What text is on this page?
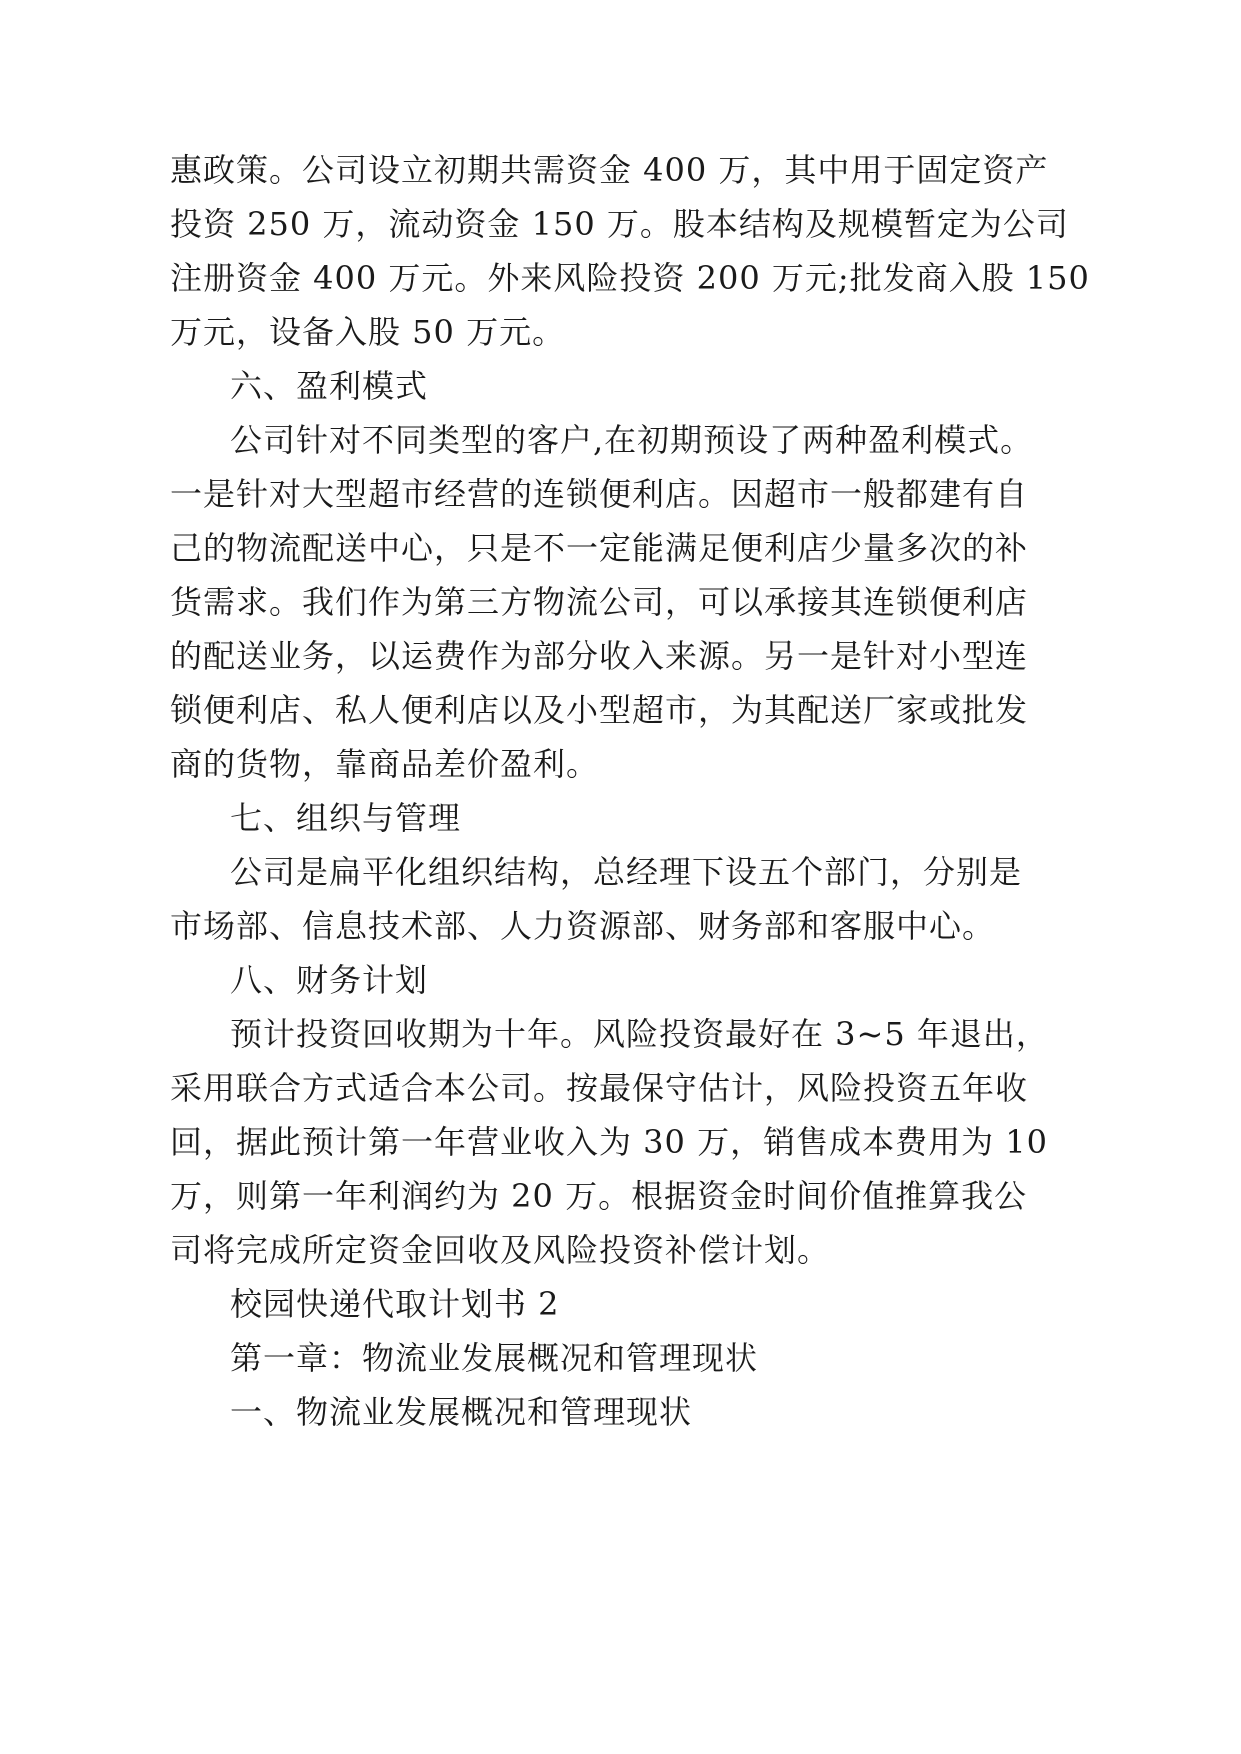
惠政策。公司设立初期共需资金 400 万，其中用于固定资产
投资 250 万，流动资金 150 万。股本结构及规模暂定为公司
注册资金 400 万元。外来风险投资 200 万元;批发商入股 150
万元，设备入股 50 万元。
六、盈利模式
公司针对不同类型的客户,在初期预设了两种盈利模式。
一是针对大型超市经营的连锁便利店。因超市一般都建有自
己的物流配送中心，只是不一定能满足便利店少量多次的补
货需求。我们作为第三方物流公司，可以承接其连锁便利店
的配送业务，以运费作为部分收入来源。另一是针对小型连
锁便利店、私人便利店以及小型超市，为其配送厂家或批发
商的货物，靠商品差价盈利。
七、组织与管理
公司是扁平化组织结构，总经理下设五个部门，分别是
市场部、信息技术部、人力资源部、财务部和客服中心。
八、财务计划
预计投资回收期为十年。风险投资最好在 3~5 年退出，
采用联合方式适合本公司。按最保守估计，风险投资五年收
回，据此预计第一年营业收入为 30 万，销售成本费用为 10
万，则第一年利润约为 20 万。根据资金时间价值推算我公
司将完成所定资金回收及风险投资补偿计划。
校园快递代取计划书 2
第一章：物流业发展概况和管理现状
一、物流业发展概况和管理现状
